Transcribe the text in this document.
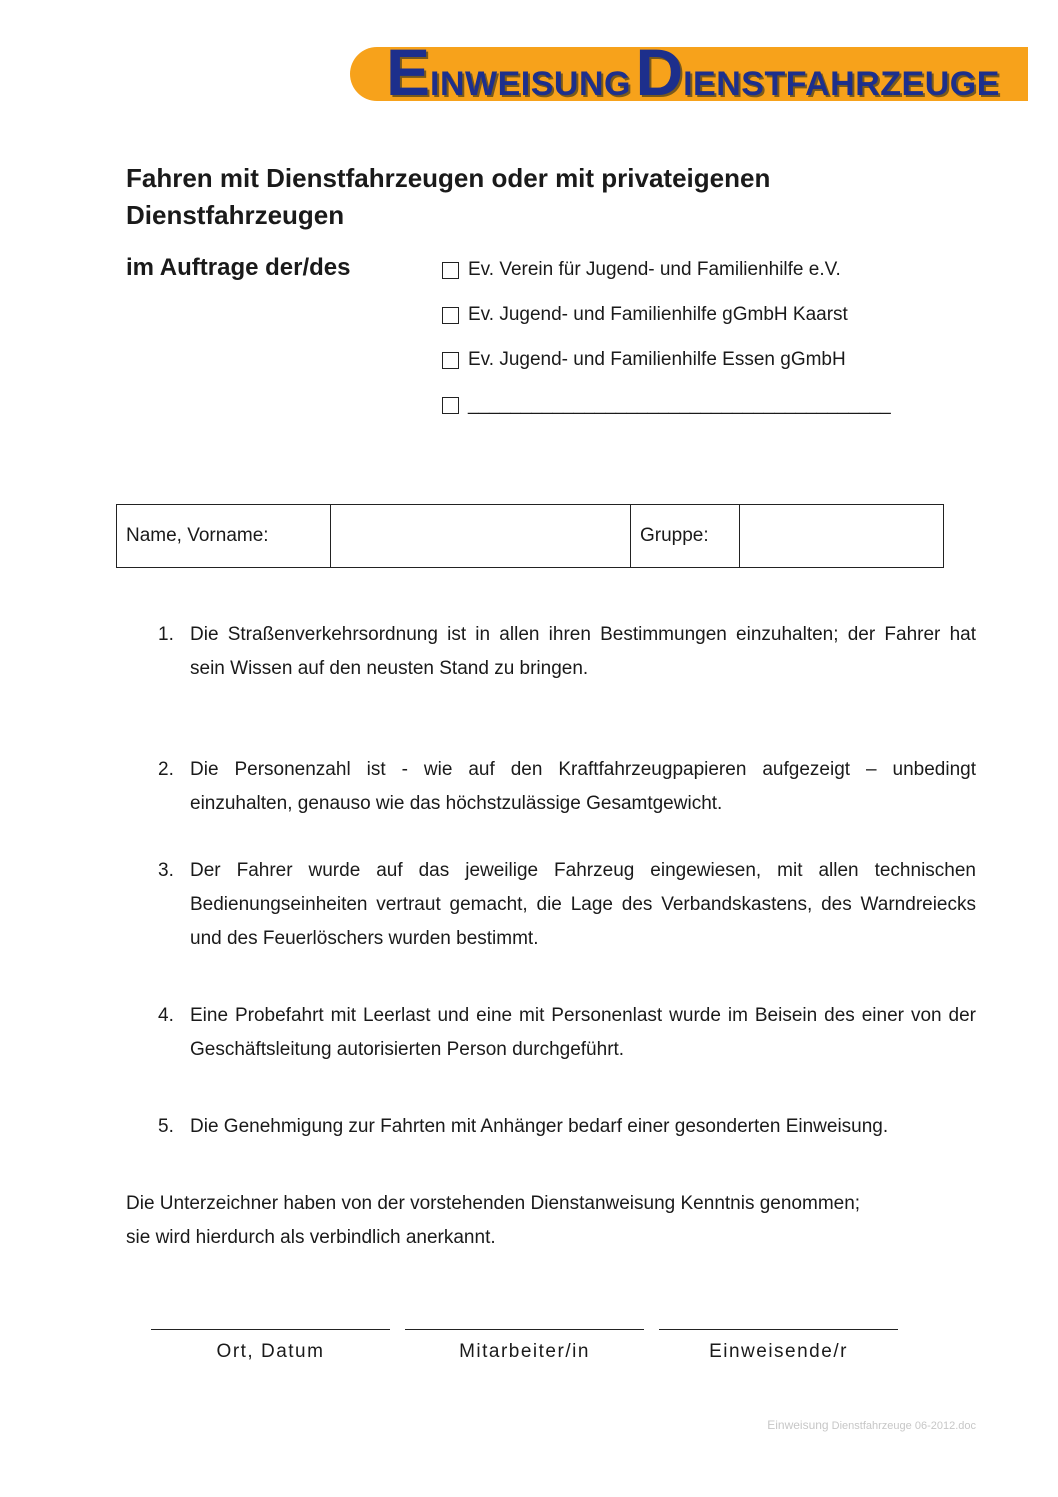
EINWEISUNG DIENSTFAHRZEUGE
Fahren mit Dienstfahrzeugen oder mit privateigenen Dienstfahrzeugen
im Auftrage der/des	Ev. Verein für Jugend- und Familienhilfe e.V.
Ev. Jugend- und Familienhilfe gGmbH Kaarst
Ev. Jugend- und Familienhilfe Essen gGmbH
________________________________________
Name, Vorname:		Gruppe:	
1. Die Straßenverkehrsordnung ist in allen ihren Bestimmungen einzuhalten; der Fahrer hat sein Wissen auf den neusten Stand zu bringen.
2. Die Personenzahl ist - wie auf den Kraftfahrzeugpapieren aufgezeigt – unbedingt einzuhalten, genauso wie das höchstzulässige Gesamtgewicht.
3. Der Fahrer wurde auf das jeweilige Fahrzeug eingewiesen, mit allen technischen Bedienungseinheiten vertraut gemacht, die Lage des Verbandskastens, des Warndreiecks und des Feuerlöschers wurden bestimmt.
4. Eine Probefahrt mit Leerlast und eine mit Personenlast wurde im Beisein des einer von der Geschäftsleitung autorisierten Person durchgeführt.
5. Die Genehmigung zur Fahrten mit Anhänger bedarf einer gesonderten Einweisung.
Die Unterzeichner haben von der vorstehenden Dienstanweisung Kenntnis genommen;
sie wird hierdurch als verbindlich anerkannt.
Ort, Datum	Mitarbeiter/in	Einweisende/r
Einweisung Dienstfahrzeuge 06-2012.doc
